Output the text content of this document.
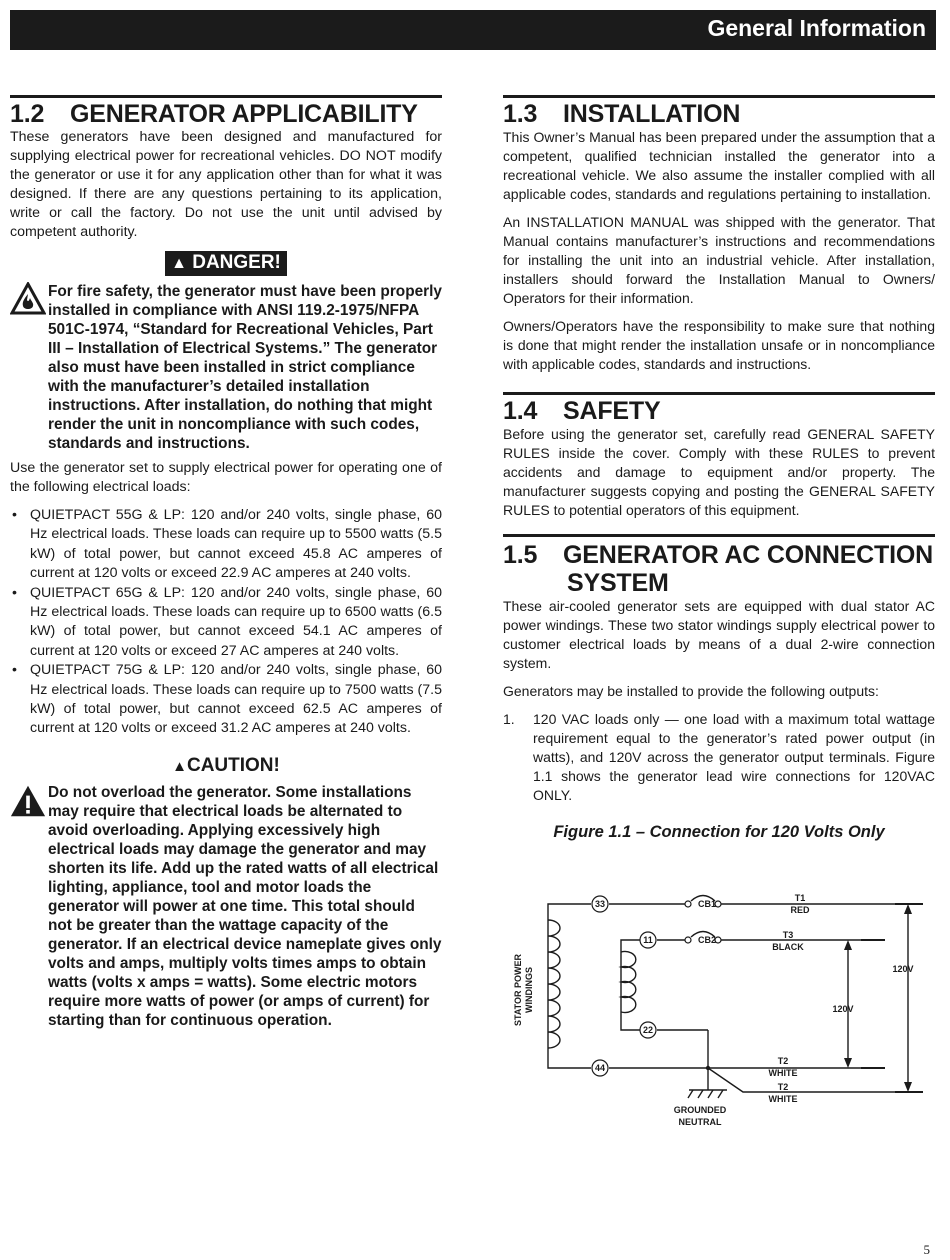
General Information
1.2 GENERATOR APPLICABILITY

These generators have been designed and manufactured for supplying electrical power for recreational vehicles. DO NOT modify the generator or use it for any application other than for what it was designed. If there are any questions pertaining to its application, write or call the factory. Do not use the unit until advised by competent authority.

▲ DANGER!
For fire safety, the generator must have been properly installed in compliance with ANSI 119.2-1975/NFPA 501C-1974, “Standard for Recreational Vehicles, Part III – Installation of Electrical Systems.” The generator also must have been installed in strict compliance with the manufacturer’s detailed installation instructions. After installation, do nothing that might render the unit in noncompliance with such codes, standards and instructions.

Use the generator set to supply electrical power for operating one of the following electrical loads:

• QUIETPACT 55G & LP: 120 and/or 240 volts, single phase, 60 Hz electrical loads. These loads can require up to 5500 watts (5.5 kW) of total power, but cannot exceed 45.8 AC amperes of current at 120 volts or exceed 22.9 AC amperes at 240 volts.
• QUIETPACT 65G & LP: 120 and/or 240 volts, single phase, 60 Hz electrical loads. These loads can require up to 6500 watts (6.5 kW) of total power, but cannot exceed 54.1 AC amperes of current at 120 volts or exceed 27 AC amperes at 240 volts.
• QUIETPACT 75G & LP: 120 and/or 240 volts, single phase, 60 Hz electrical loads. These loads can require up to 7500 watts (7.5 kW) of total power, but cannot exceed 62.5 AC amperes of current at 120 volts or exceed 31.2 AC amperes at 240 volts.
▲CAUTION!
Do not overload the generator. Some installations may require that electrical loads be alternated to avoid overloading. Applying excessively high electrical loads may damage the generator and may shorten its life. Add up the rated watts of all electrical lighting, appliance, tool and motor loads the generator will power at one time. This total should not be greater than the wattage capacity of the generator. If an electrical device nameplate gives only volts and amps, multiply volts times amps to obtain watts (volts x amps = watts). Some electric motors require more watts of power (or amps of current) for starting than for continuous operation.
1.3 INSTALLATION

This Owner’s Manual has been prepared under the assumption that a competent, qualified technician installed the generator into a recreational vehicle. We also assume the installer complied with all applicable codes, standards and regulations pertaining to installation.

An INSTALLATION MANUAL was shipped with the generator. That Manual contains manufacturer’s instructions and recommendations for installing the unit into an industrial vehicle. After installation, installers should forward the Installation Manual to Owners/ Operators for their information.

Owners/Operators have the responsibility to make sure that nothing is done that might render the installation unsafe or in noncompliance with applicable codes, standards and instructions.

1.4 SAFETY

Before using the generator set, carefully read GENERAL SAFETY RULES inside the cover. Comply with these RULES to prevent accidents and damage to equipment and/or property. The manufacturer suggests copying and posting the GENERAL SAFETY RULES to potential operators of this equipment.

1.5 GENERATOR AC CONNECTION
SYSTEM

These air-cooled generator sets are equipped with dual stator AC power windings. These two stator windings supply electrical power to customer electrical loads by means of a dual 2-wire connection system.

Generators may be installed to provide the following outputs:

1. 120 VAC loads only — one load with a maximum total wattage requirement equal to the generator’s rated power output (in watts), and 120V across the generator output terminals. Figure 1.1 shows the generator lead wire connections for 120VAC ONLY.
Figure 1.1 – Connection for 120 Volts Only
33
11
22
44
CB1
CB2
T1
RED
T3
BLACK
T2
WHITE
T2
WHITE
120V
120V
GROUNDED
NEUTRAL
STATOR POWER WINDINGS
5
